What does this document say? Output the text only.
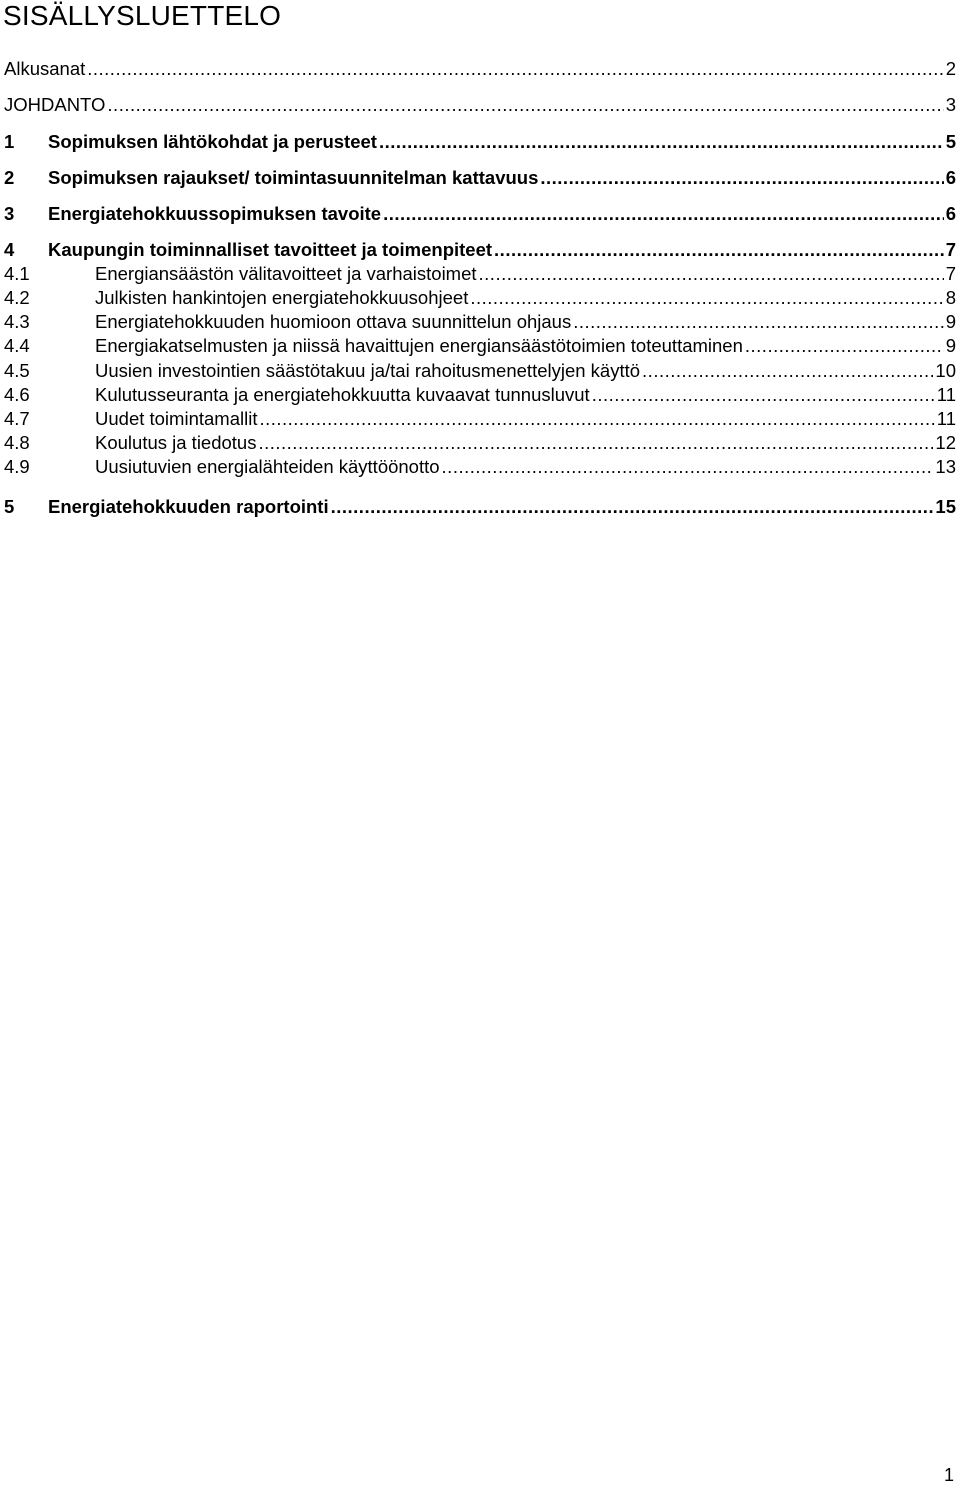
SISÄLLYSLUETTELO
Alkusanat .....	2
JOHDANTO .....	3
1	Sopimuksen lähtökohdat ja perusteet .....	5
2	Sopimuksen rajaukset/ toimintasuunnitelman kattavuus .....	6
3	Energiatehokkuussopimuksen tavoite .....	6
4	Kaupungin toiminnalliset tavoitteet ja toimenpiteet .....	7
4.1	Energiansäästön välitavoitteet ja varhaistoimet .....	7
4.2	Julkisten hankintojen energiatehokkuusohjeet .....	8
4.3	Energiatehokkuuden huomioon ottava suunnittelun ohjaus .....	9
4.4	Energiakatselmusten ja niissä havaittujen energiansäästötoimien toteuttaminen .....	9
4.5	Uusien investointien säästötakuu ja/tai rahoitusmenettelyjen käyttö .....	10
4.6	Kulutusseuranta ja energiatehokkuutta kuvaavat tunnusluvut .....	11
4.7	Uudet toimintamallit .....	11
4.8	Koulutus ja tiedotus .....	12
4.9	Uusiutuvien energialähteiden käyttöönotto .....	13
5	Energiatehokkuuden raportointi .....	15
1
